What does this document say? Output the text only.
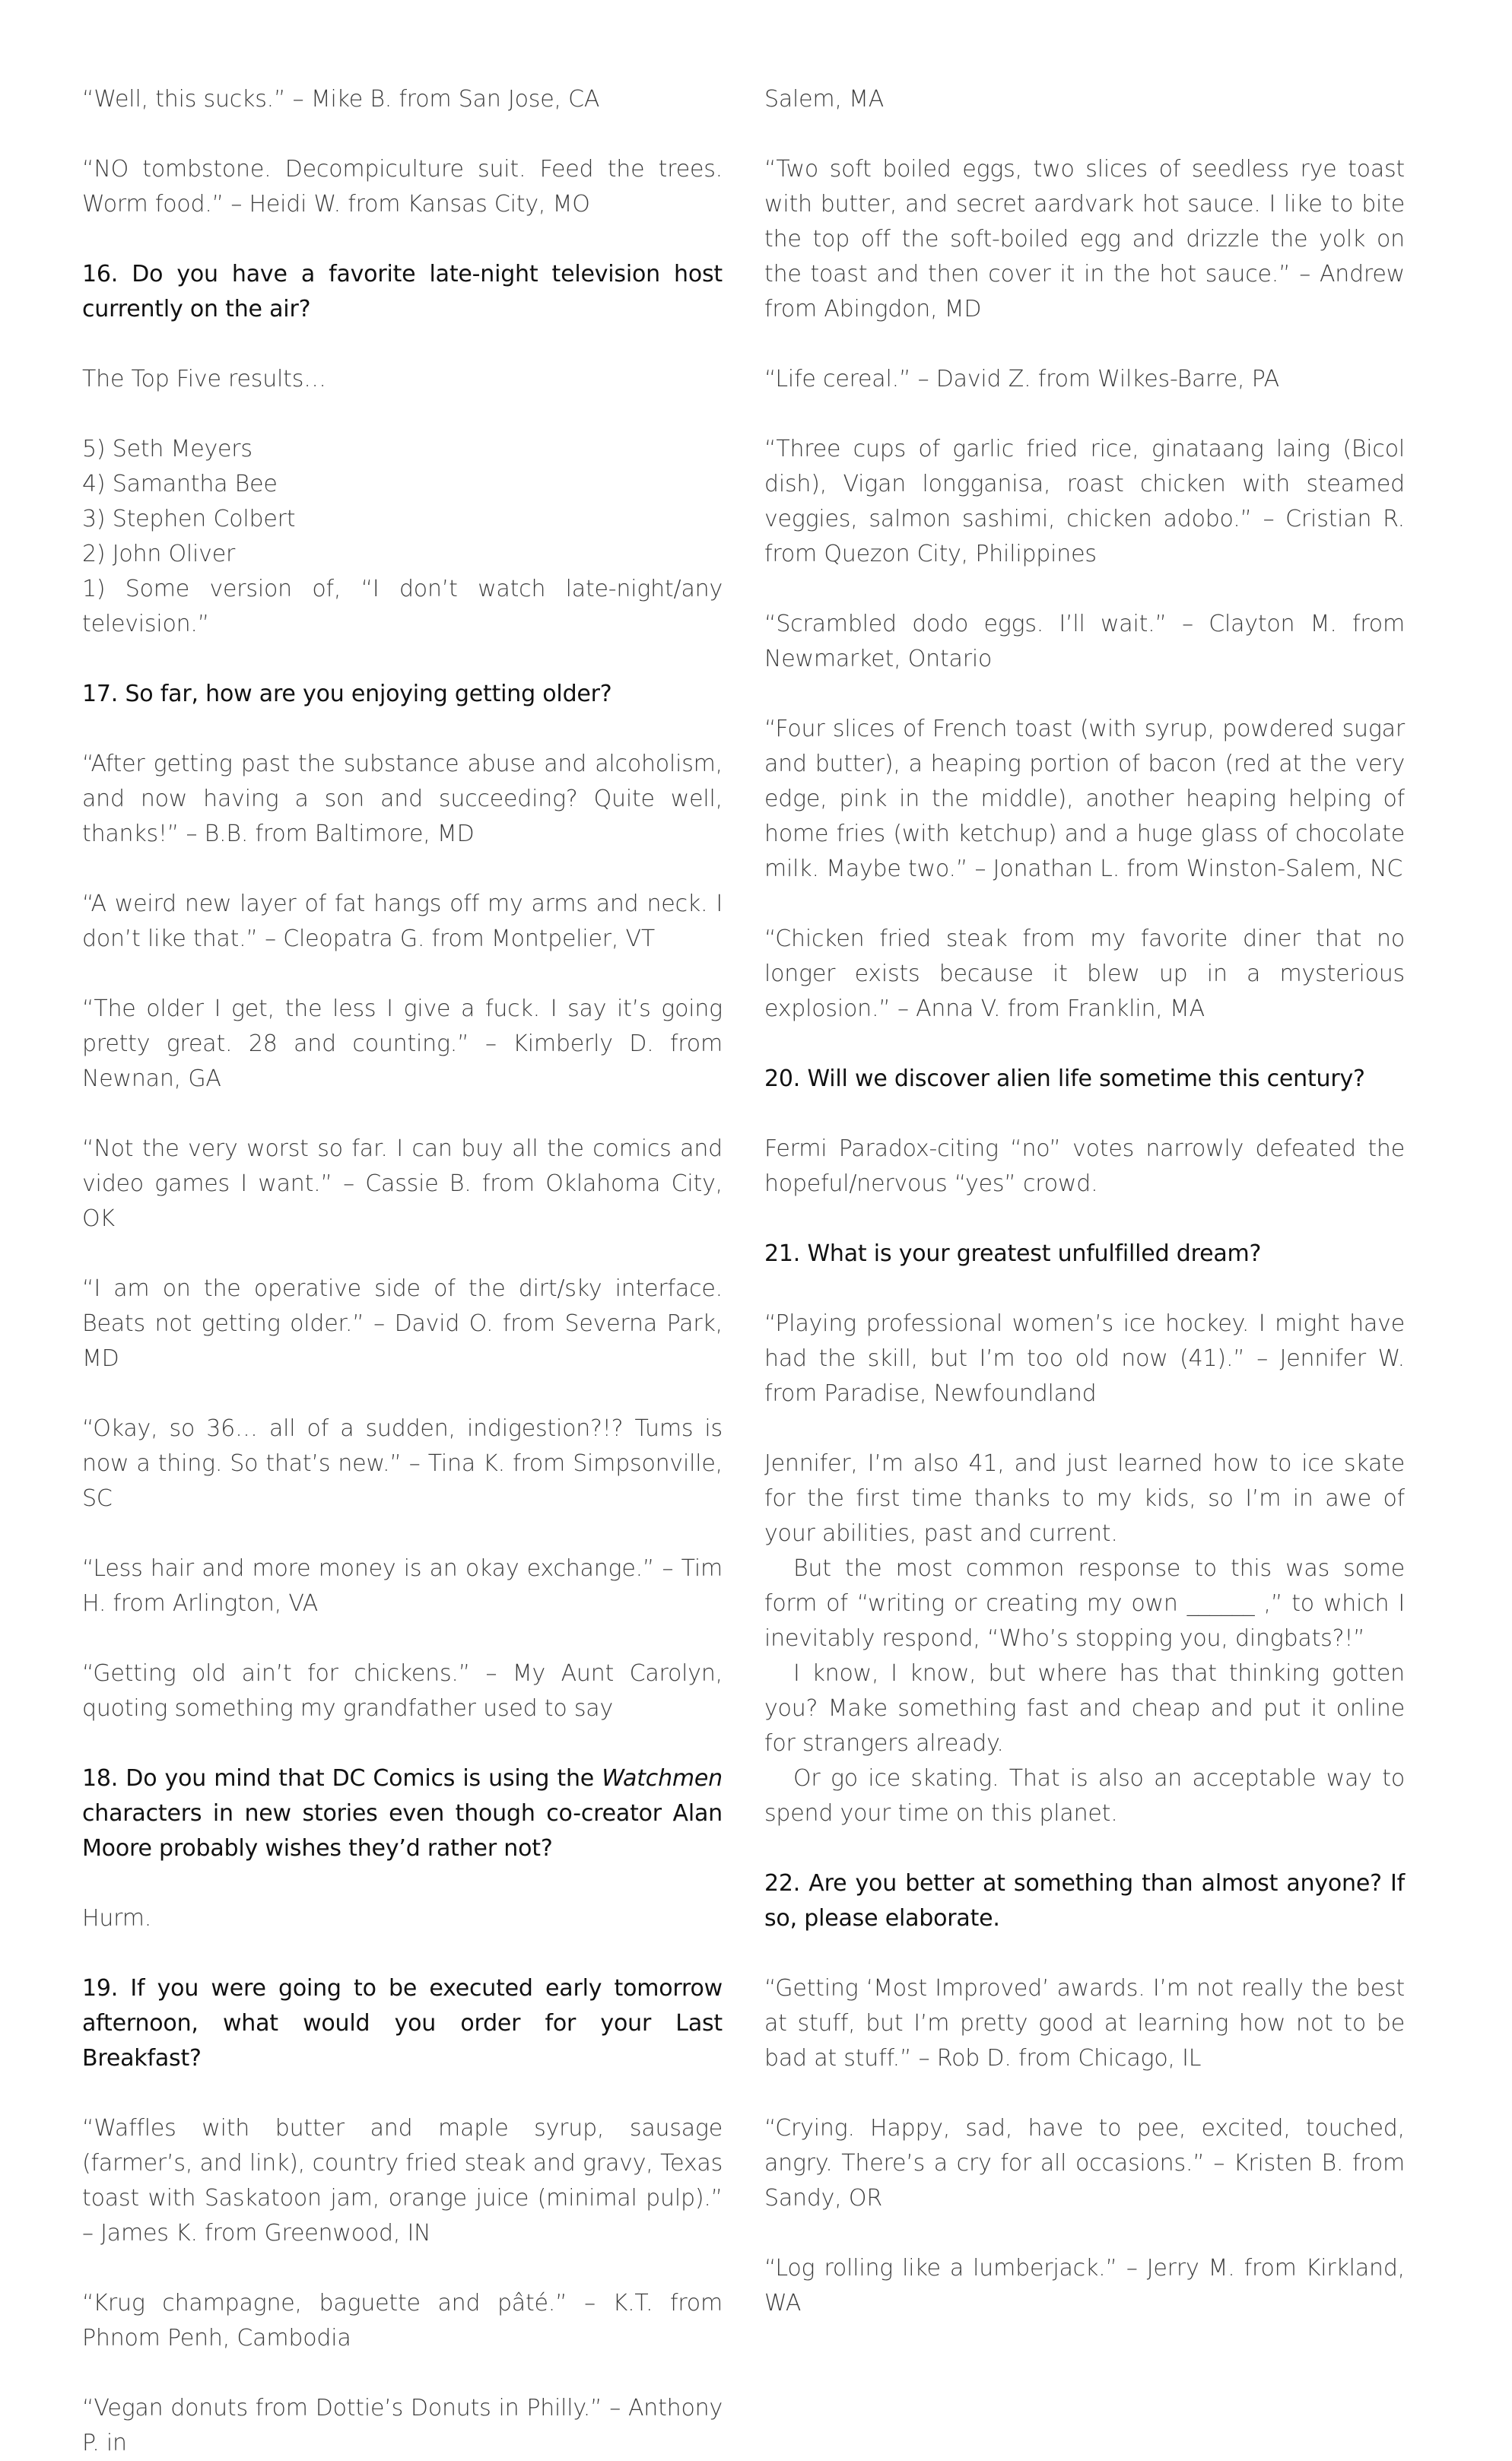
“Well, this sucks.” – Mike B. from San Jose, CA

“NO tombstone. Decompiculture suit. Feed the trees. Worm food.” – Heidi W. from Kansas City, MO

16. Do you have a favorite late-night television host currently on the air?

The Top Five results…

5) Seth Meyers
4) Samantha Bee
3) Stephen Colbert
2) John Oliver
1) Some version of, “I don’t watch late-night/any television.”

17. So far, how are you enjoying getting older?

“After getting past the substance abuse and alcoholism, and now having a son and succeeding? Quite well, thanks!” – B.B. from Baltimore, MD

“A weird new layer of fat hangs off my arms and neck. I don’t like that.” – Cleopatra G. from Montpelier, VT

“The older I get, the less I give a fuck. I say it’s going pretty great. 28 and counting.” – Kimberly D. from Newnan, GA

“Not the very worst so far. I can buy all the comics and video games I want.” – Cassie B. from Oklahoma City, OK

“I am on the operative side of the dirt/sky interface. Beats not getting older.” – David O. from Severna Park, MD

“Okay, so 36… all of a sudden, indigestion?!? Tums is now a thing. So that’s new.” – Tina K. from Simpsonville, SC

“Less hair and more money is an okay exchange.” – Tim H. from Arlington, VA

“Getting old ain’t for chickens.” – My Aunt Carolyn, quoting something my grandfather used to say

18. Do you mind that DC Comics is using the Watchmen characters in new stories even though co-creator Alan Moore probably wishes they’d rather not?

Hurm.

19. If you were going to be executed early tomorrow afternoon, what would you order for your Last Breakfast?

“Waffles with butter and maple syrup, sausage (farmer’s, and link), country fried steak and gravy, Texas toast with Saskatoon jam, orange juice (minimal pulp).” – James K. from Greenwood, IN

“Krug champagne, baguette and pâté.” – K.T. from Phnom Penh, Cambodia

“Vegan donuts from Dottie’s Donuts in Philly.” – Anthony P. in

Salem, MA

“Two soft boiled eggs, two slices of seedless rye toast with butter, and secret aardvark hot sauce. I like to bite the top off the soft-boiled egg and drizzle the yolk on the toast and then cover it in the hot sauce.” – Andrew from Abingdon, MD

“Life cereal.” – David Z. from Wilkes-Barre, PA

“Three cups of garlic fried rice, ginataang laing (Bicol dish), Vigan longganisa, roast chicken with steamed veggies, salmon sashimi, chicken adobo.” – Cristian R. from Quezon City, Philippines

“Scrambled dodo eggs. I’ll wait.” – Clayton M. from Newmarket, Ontario

“Four slices of French toast (with syrup, powdered sugar and butter), a heaping portion of bacon (red at the very edge, pink in the middle), another heaping helping of home fries (with ketchup) and a huge glass of chocolate milk. Maybe two.” – Jonathan L. from Winston-Salem, NC

“Chicken fried steak from my favorite diner that no longer exists because it blew up in a mysterious explosion.” – Anna V. from Franklin, MA

20. Will we discover alien life sometime this century?

Fermi Paradox-citing “no” votes narrowly defeated the hopeful/nervous “yes” crowd.

21. What is your greatest unfulfilled dream?

“Playing professional women’s ice hockey. I might have had the skill, but I’m too old now (41).” – Jennifer W. from Paradise, Newfoundland

Jennifer, I’m also 41, and just learned how to ice skate for the first time thanks to my kids, so I’m in awe of your abilities, past and current.

But the most common response to this was some form of “writing or creating my own ______ ,” to which I inevitably respond, “Who’s stopping you, dingbats?!”

I know, I know, but where has that thinking gotten you? Make something fast and cheap and put it online for strangers already.

Or go ice skating. That is also an acceptable way to spend your time on this planet.

22. Are you better at something than almost anyone? If so, please elaborate.

“Getting ‘Most Improved’ awards. I’m not really the best at stuff, but I’m pretty good at learning how not to be bad at stuff.” – Rob D. from Chicago, IL

“Crying. Happy, sad, have to pee, excited, touched, angry. There’s a cry for all occasions.” – Kristen B. from Sandy, OR

“Log rolling like a lumberjack.” – Jerry M. from Kirkland, WA
